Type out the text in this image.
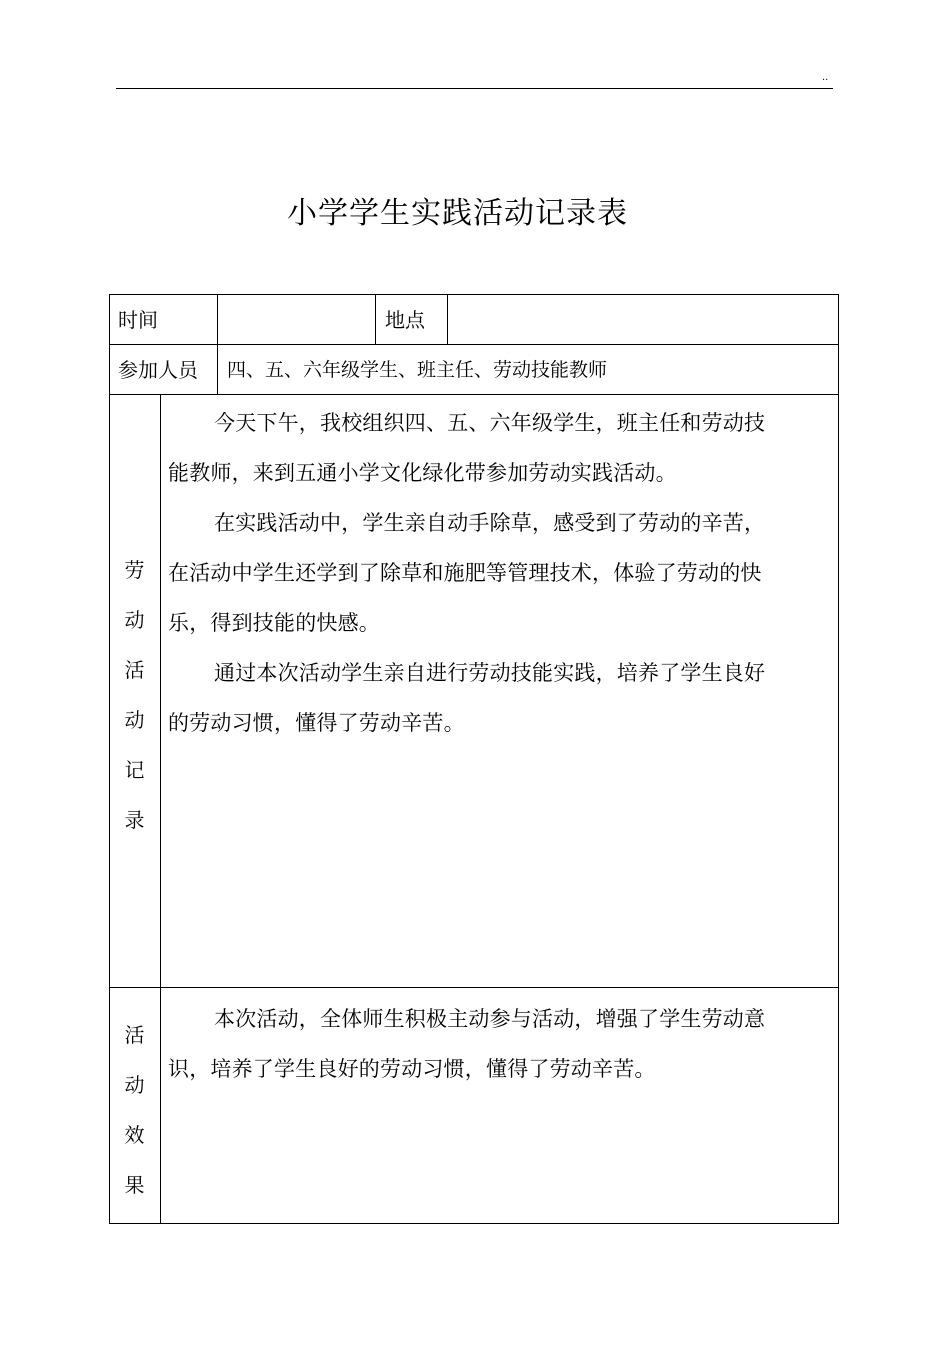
..
小学学生实践活动记录表
时间	地点
参加人员 四、五、六年级学生、班主任、劳动技能教师
劳
动
活
动
记
录

今天下午，我校组织四、五、六年级学生，班主任和劳动技能教师，来到五通小学文化绿化带参加劳动实践活动。

在实践活动中，学生亲自动手除草，感受到了劳动的辛苦，在活动中学生还学到了除草和施肥等管理技术，体验了劳动的快乐，得到技能的快感。

通过本次活动学生亲自进行劳动技能实践，培养了学生良好的劳动习惯，懂得了劳动辛苦。

活
动
效
果

本次活动，全体师生积极主动参与活动，增强了学生劳动意识，培养了学生良好的劳动习惯，懂得了劳动辛苦。
